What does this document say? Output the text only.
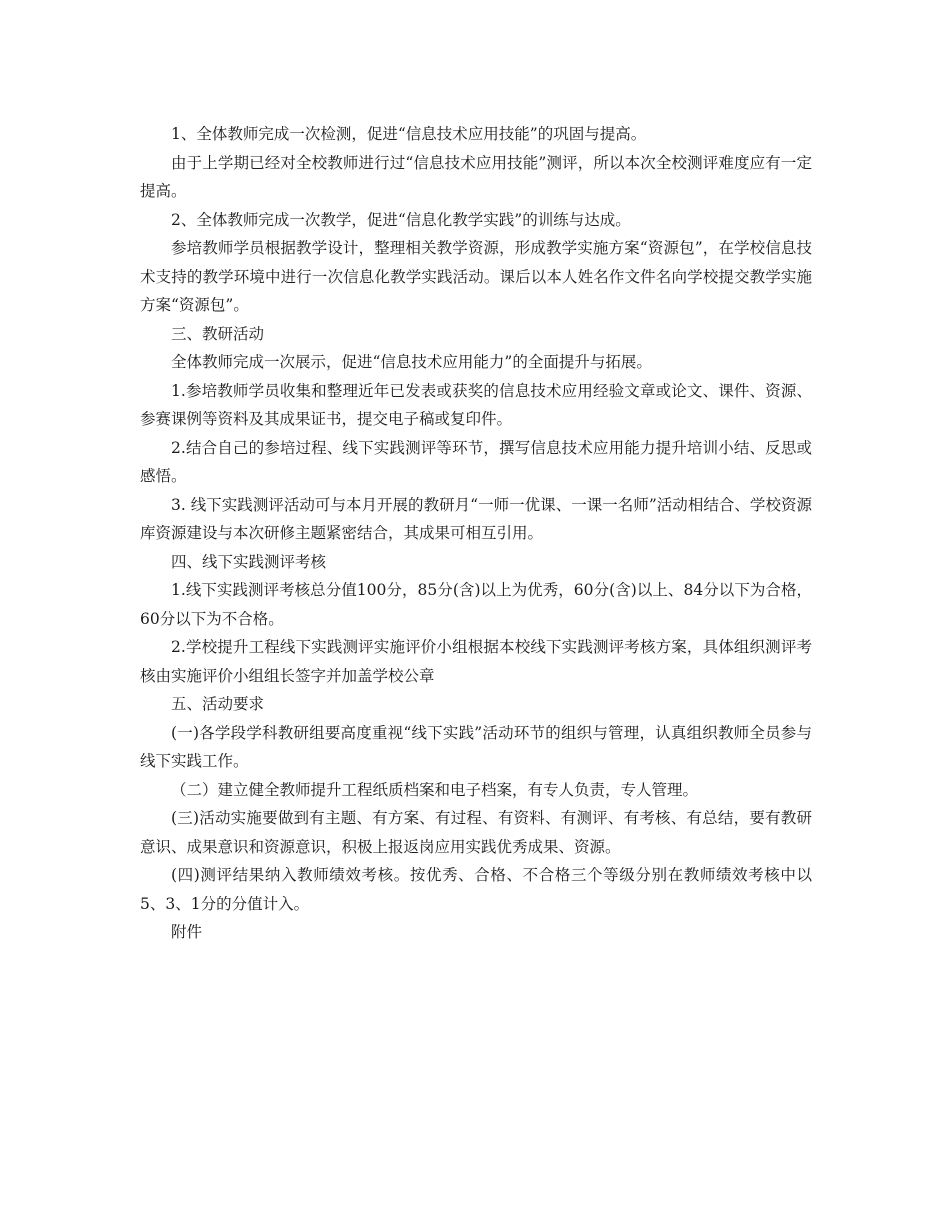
1、全体教师完成一次检测，促进“信息技术应用技能”的巩固与提高。

由于上学期已经对全校教师进行过“信息技术应用技能”测评，所以本次全校测评难度应有一定提高。

2、全体教师完成一次教学，促进“信息化教学实践”的训练与达成。

参培教师学员根据教学设计，整理相关教学资源，形成教学实施方案“资源包”，在学校信息技术支持的教学环境中进行一次信息化教学实践活动。课后以本人姓名作文件名向学校提交教学实施方案“资源包”。

三、教研活动

全体教师完成一次展示，促进“信息技术应用能力”的全面提升与拓展。

1.参培教师学员收集和整理近年已发表或获奖的信息技术应用经验文章或论文、课件、资源、参赛课例等资料及其成果证书，提交电子稿或复印件。

2.结合自己的参培过程、线下实践测评等环节，撰写信息技术应用能力提升培训小结、反思或感悟。

3. 线下实践测评活动可与本月开展的教研月“一师一优课、一课一名师”活动相结合、学校资源库资源建设与本次研修主题紧密结合，其成果可相互引用。

四、线下实践测评考核

1.线下实践测评考核总分值100分，85分(含)以上为优秀，60分(含)以上、84分以下为合格，60分以下为不合格。

2.学校提升工程线下实践测评实施评价小组根据本校线下实践测评考核方案，具体组织测评考核由实施评价小组组长签字并加盖学校公章

五、活动要求

(一)各学段学科教研组要高度重视“线下实践”活动环节的组织与管理，认真组织教师全员参与线下实践工作。

（二）建立健全教师提升工程纸质档案和电子档案，有专人负责，专人管理。

(三)活动实施要做到有主题、有方案、有过程、有资料、有测评、有考核、有总结，要有教研意识、成果意识和资源意识，积极上报返岗应用实践优秀成果、资源。

(四)测评结果纳入教师绩效考核。按优秀、合格、不合格三个等级分别在教师绩效考核中以5、3、1分的分值计入。

附件
